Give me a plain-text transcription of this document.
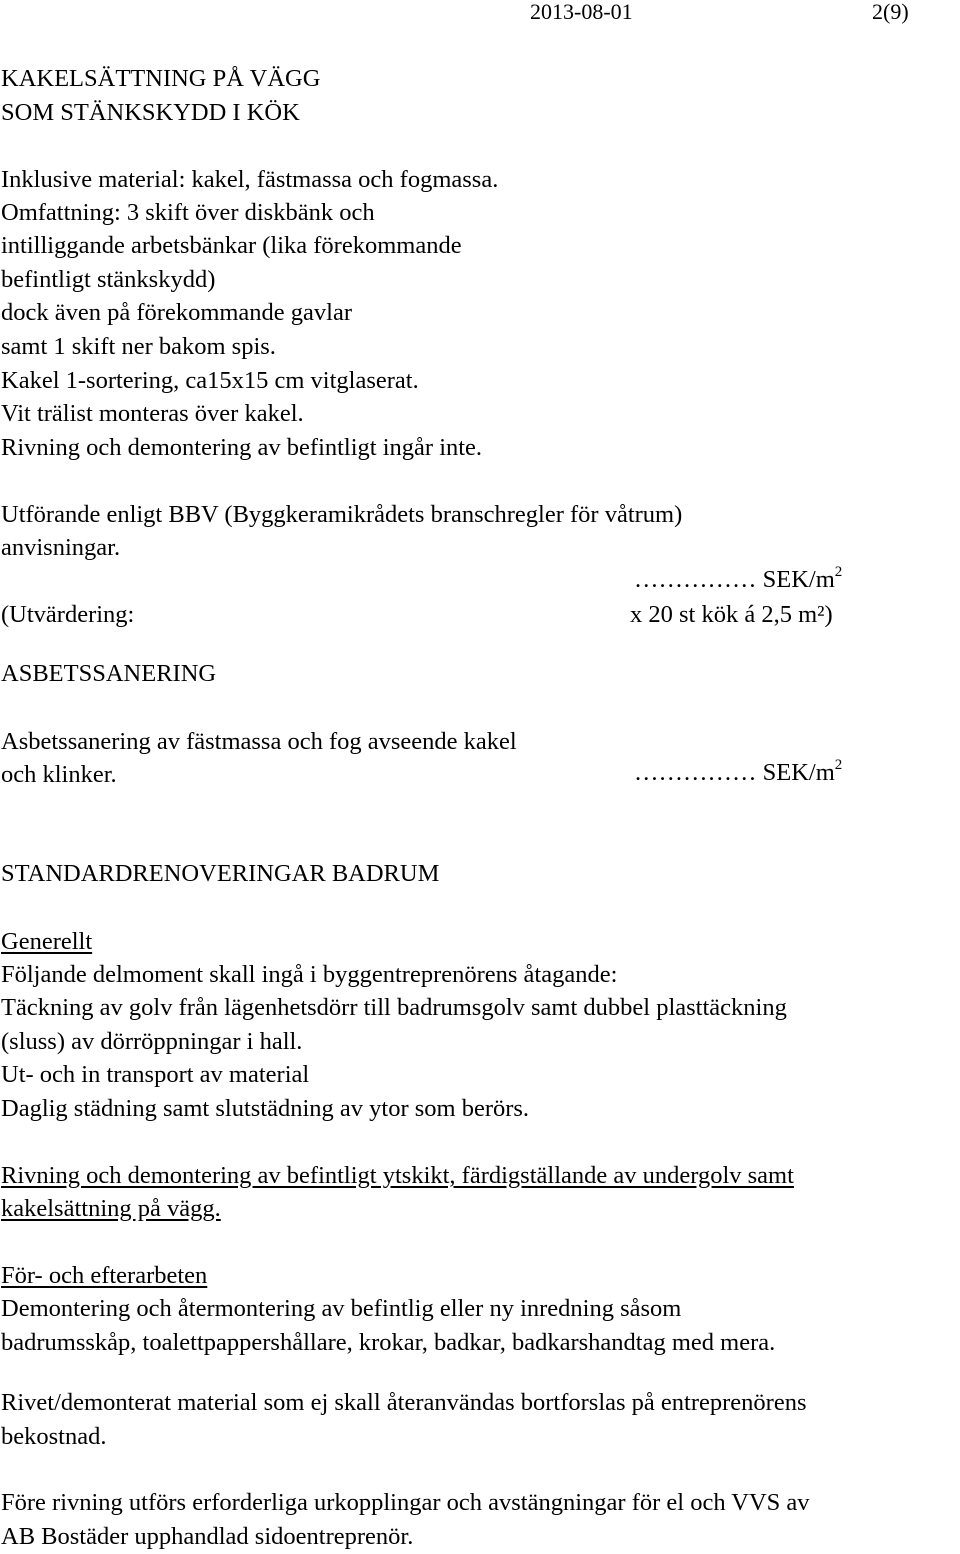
2013-08-01	2(9)
KAKELSÄTTNING PÅ VÄGG
SOM STÄNKSKYDD I KÖK
Inklusive material: kakel, fästmassa och fogmassa.
Omfattning: 3 skift över diskbänk och
intilliggande arbetsbänkar (lika förekommande
befintligt stänkskydd)
dock även på förekommande gavlar
samt 1 skift ner bakom spis.
Kakel 1-sortering, ca15x15 cm vitglaserat.
Vit trälist monteras över kakel.
Rivning och demontering av befintligt ingår inte.
Utförande enligt BBV (Byggkeramikrådets branschregler för våtrum)
anvisningar.
…………… SEK/$m^2$
(Utvärdering:	x 20 st kök á 2,5 m²)
ASBETSSANERING
Asbetssanering av fästmassa och fog avseende kakel
och klinker.	…………… SEK/$m^2$
STANDARDRENOVERINGAR BADRUM
Generellt
Följande delmoment skall ingå i byggentreprenörens åtagande:
Täckning av golv från lägenhetsdörr till badrumsgolv samt dubbel plasttäckning
(sluss) av dörröppningar i hall.
Ut- och in transport av material
Daglig städning samt slutstädning av ytor som berörs.
Rivning och demontering av befintligt ytskikt, färdigställande av undergolv samt
kakelsättning på vägg.
För- och efterarbeten
Demontering och återmontering av befintlig eller ny inredning såsom
badrumsskåp, toalettpappershållare, krokar, badkar, badkarshandtag med mera.
Rivet/demonterat material som ej skall återanvändas bortforslas på entreprenörens
bekostnad.
Före rivning utförs erforderliga urkopplingar och avstängningar för el och VVS av
AB Bostäder upphandlad sidoentreprenör.
